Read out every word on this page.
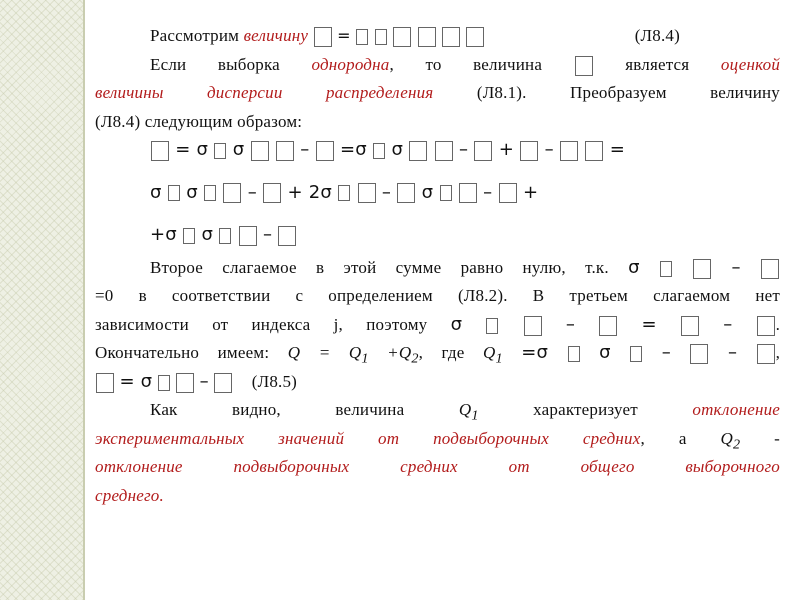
Рассмотрим величину =	(Л8.4)
Если выборка однородна, то величина	является оценкой
величины дисперсии распределения	(Л8.1). Преобразуем величину
(Л8.4) следующим образом:
= σ σ	– =σ σ	– + –	=
σ σ	– + 2σ	– σ	– +
+σ σ	–
Второе слагаемое в этой сумме равно нулю, т.к. σ	–
=0 в соответствии с определением (Л8.2). В третьем слагаемом нет
зависимости от индекса j, поэтому σ	–	=	–	.
Окончательно имеем: $Q = Q_1 +Q_2$, где $Q_1 =\sigma$	σ	–	– ,
= σ	–	(Л8.5)
Как видно, величина	$Q_1$	характеризует	отклонение
экспериментальных значений от подвыборочных средних, а $Q_2$ -
отклонение подвыборочных средних от общего выборочного
среднего.
